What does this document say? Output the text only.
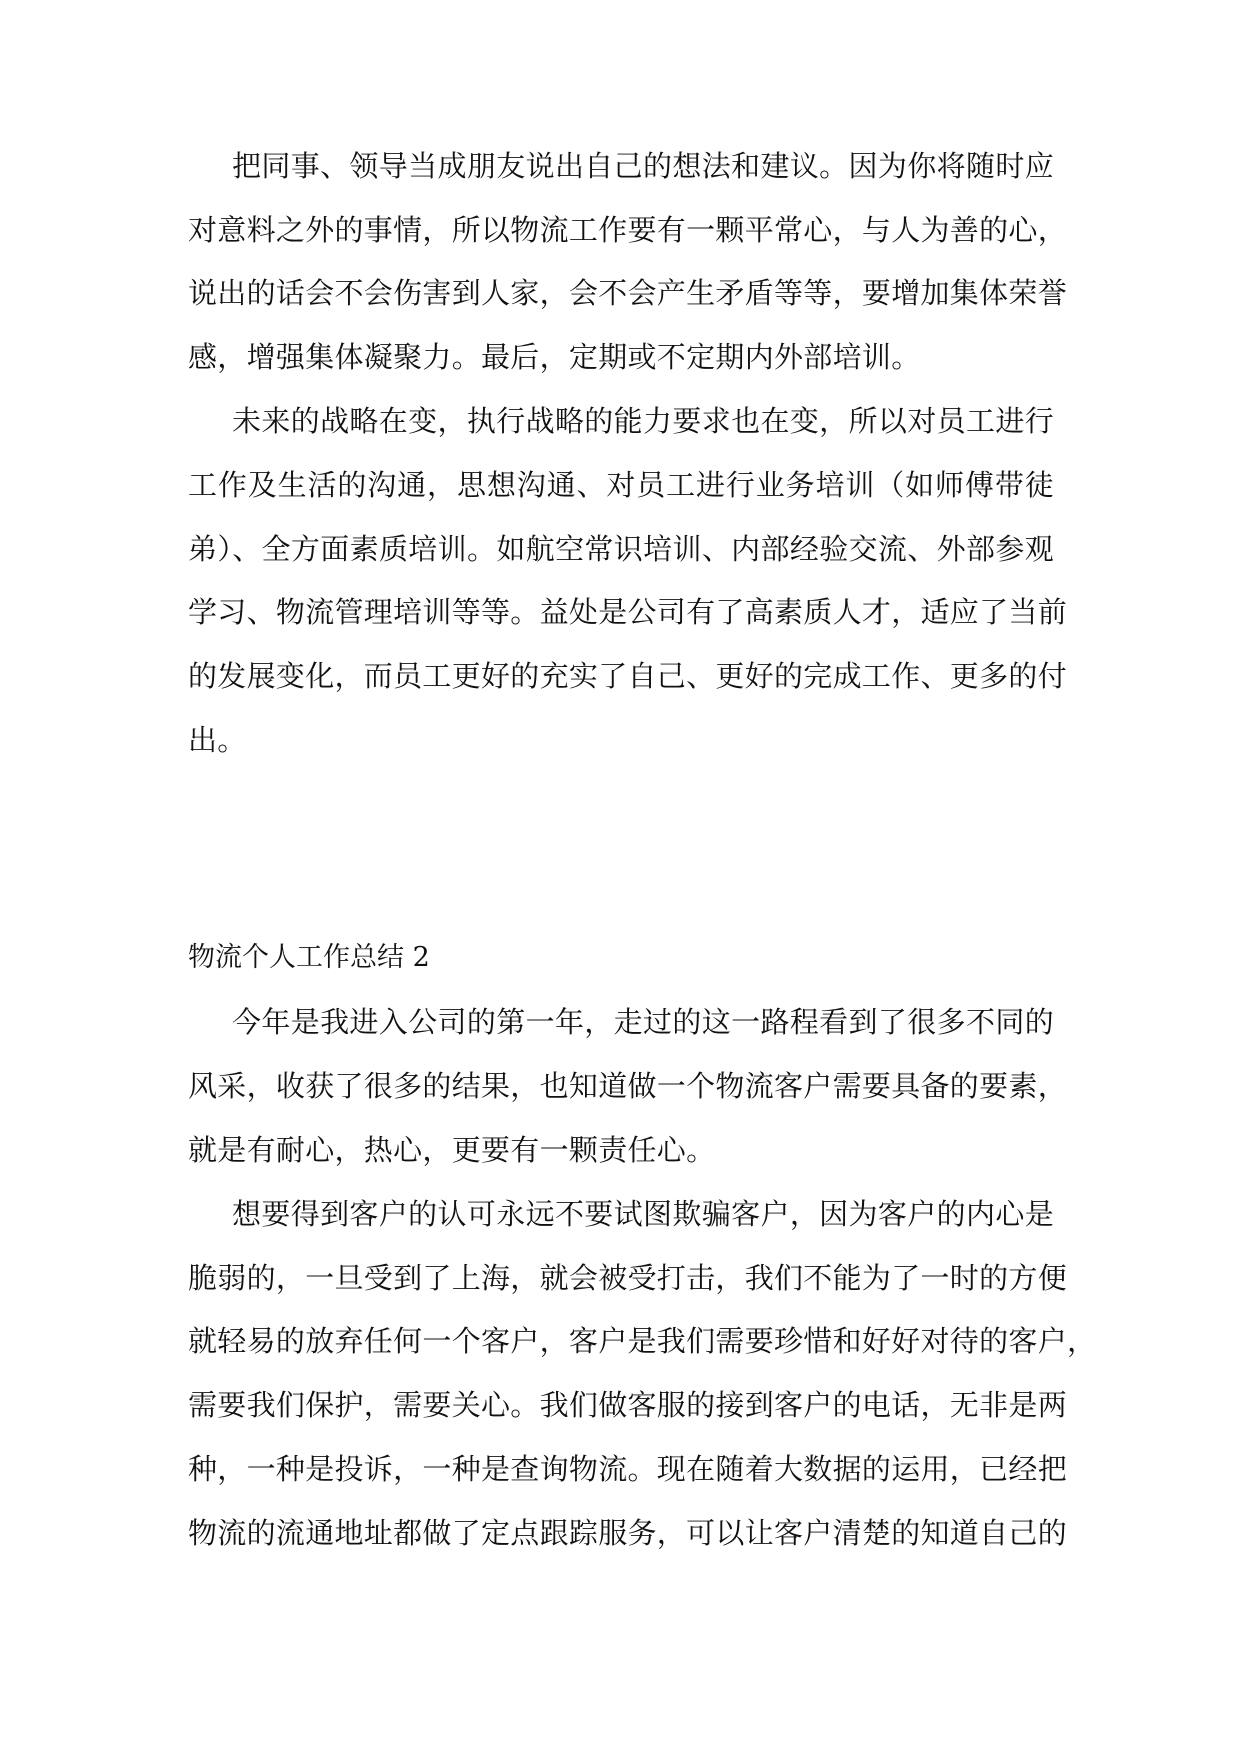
把同事、领导当成朋友说出自己的想法和建议。因为你将随时应
对意料之外的事情，所以物流工作要有一颗平常心，与人为善的心，
说出的话会不会伤害到人家，会不会产生矛盾等等，要增加集体荣誉
感，增强集体凝聚力。最后，定期或不定期内外部培训。
未来的战略在变，执行战略的能力要求也在变，所以对员工进行
工作及生活的沟通，思想沟通、对员工进行业务培训（如师傅带徒
弟）、全方面素质培训。如航空常识培训、内部经验交流、外部参观
学习、物流管理培训等等。益处是公司有了高素质人才，适应了当前
的发展变化，而员工更好的充实了自己、更好的完成工作、更多的付
出。
物流个人工作总结 2
今年是我进入公司的第一年，走过的这一路程看到了很多不同的
风采，收获了很多的结果，也知道做一个物流客户需要具备的要素，
就是有耐心，热心，更要有一颗责任心。
想要得到客户的认可永远不要试图欺骗客户，因为客户的内心是
脆弱的，一旦受到了上海，就会被受打击，我们不能为了一时的方便
就轻易的放弃任何一个客户，客户是我们需要珍惜和好好对待的客户，
需要我们保护，需要关心。我们做客服的接到客户的电话，无非是两
种，一种是投诉，一种是查询物流。现在随着大数据的运用，已经把
物流的流通地址都做了定点跟踪服务，可以让客户清楚的知道自己的
